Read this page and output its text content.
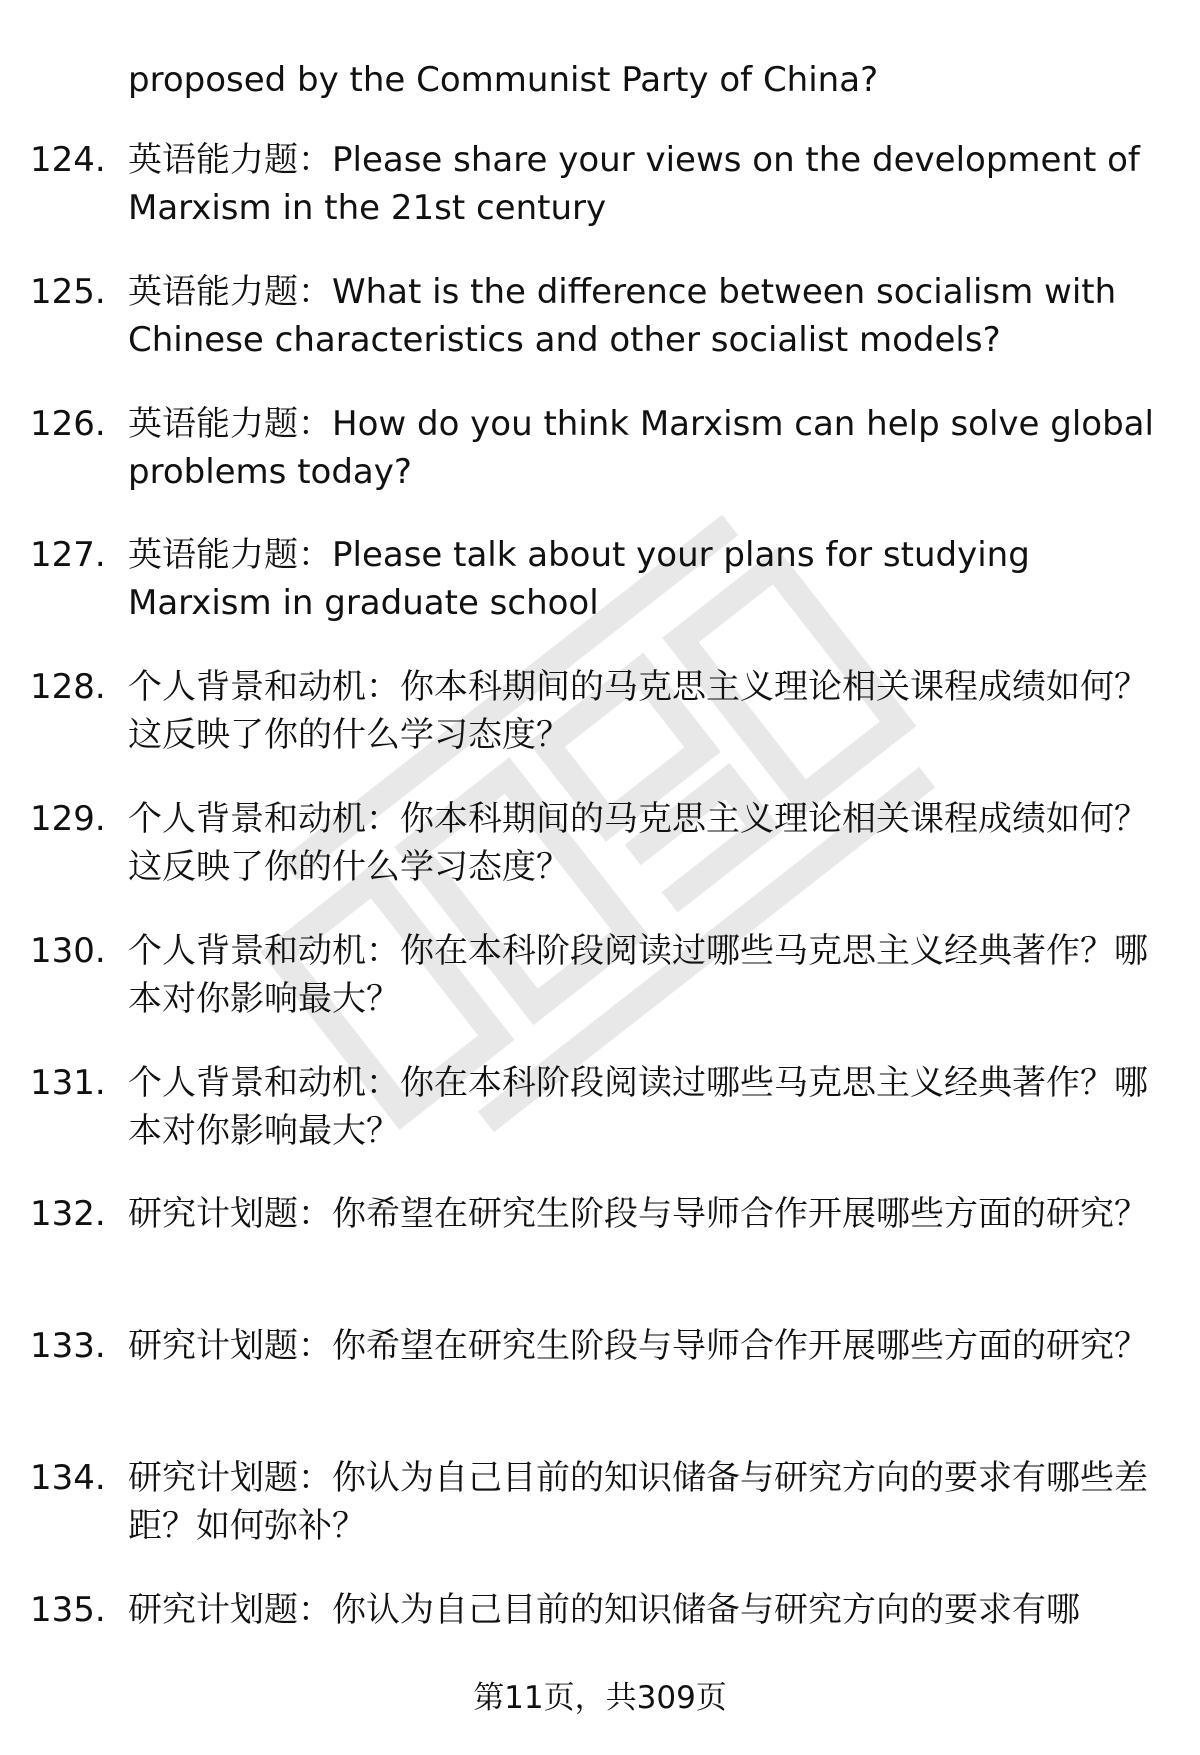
proposed by the Communist Party of China?

124. 英语能力题：Please share your views on the development of Marxism in the 21st century
125. 英语能力题：What is the difference between socialism with Chinese characteristics and other socialist models?
126. 英语能力题：How do you think Marxism can help solve global problems today?
127. 英语能力题：Please talk about your plans for studying Marxism in graduate school
128. 个人背景和动机：你本科期间的马克思主义理论相关课程成绩如何？这反映了你的什么学习态度？
129. 个人背景和动机：你本科期间的马克思主义理论相关课程成绩如何？这反映了你的什么学习态度？
130. 个人背景和动机：你在本科阶段阅读过哪些马克思主义经典著作？哪本对你影响最大？
131. 个人背景和动机：你在本科阶段阅读过哪些马克思主义经典著作？哪本对你影响最大？
132. 研究计划题：你希望在研究生阶段与导师合作开展哪些方面的研究？
133. 研究计划题：你希望在研究生阶段与导师合作开展哪些方面的研究？
134. 研究计划题：你认为自己目前的知识储备与研究方向的要求有哪些差距？如何弥补？
135. 研究计划题：你认为自己目前的知识储备与研究方向的要求有哪
第11页，共309页
